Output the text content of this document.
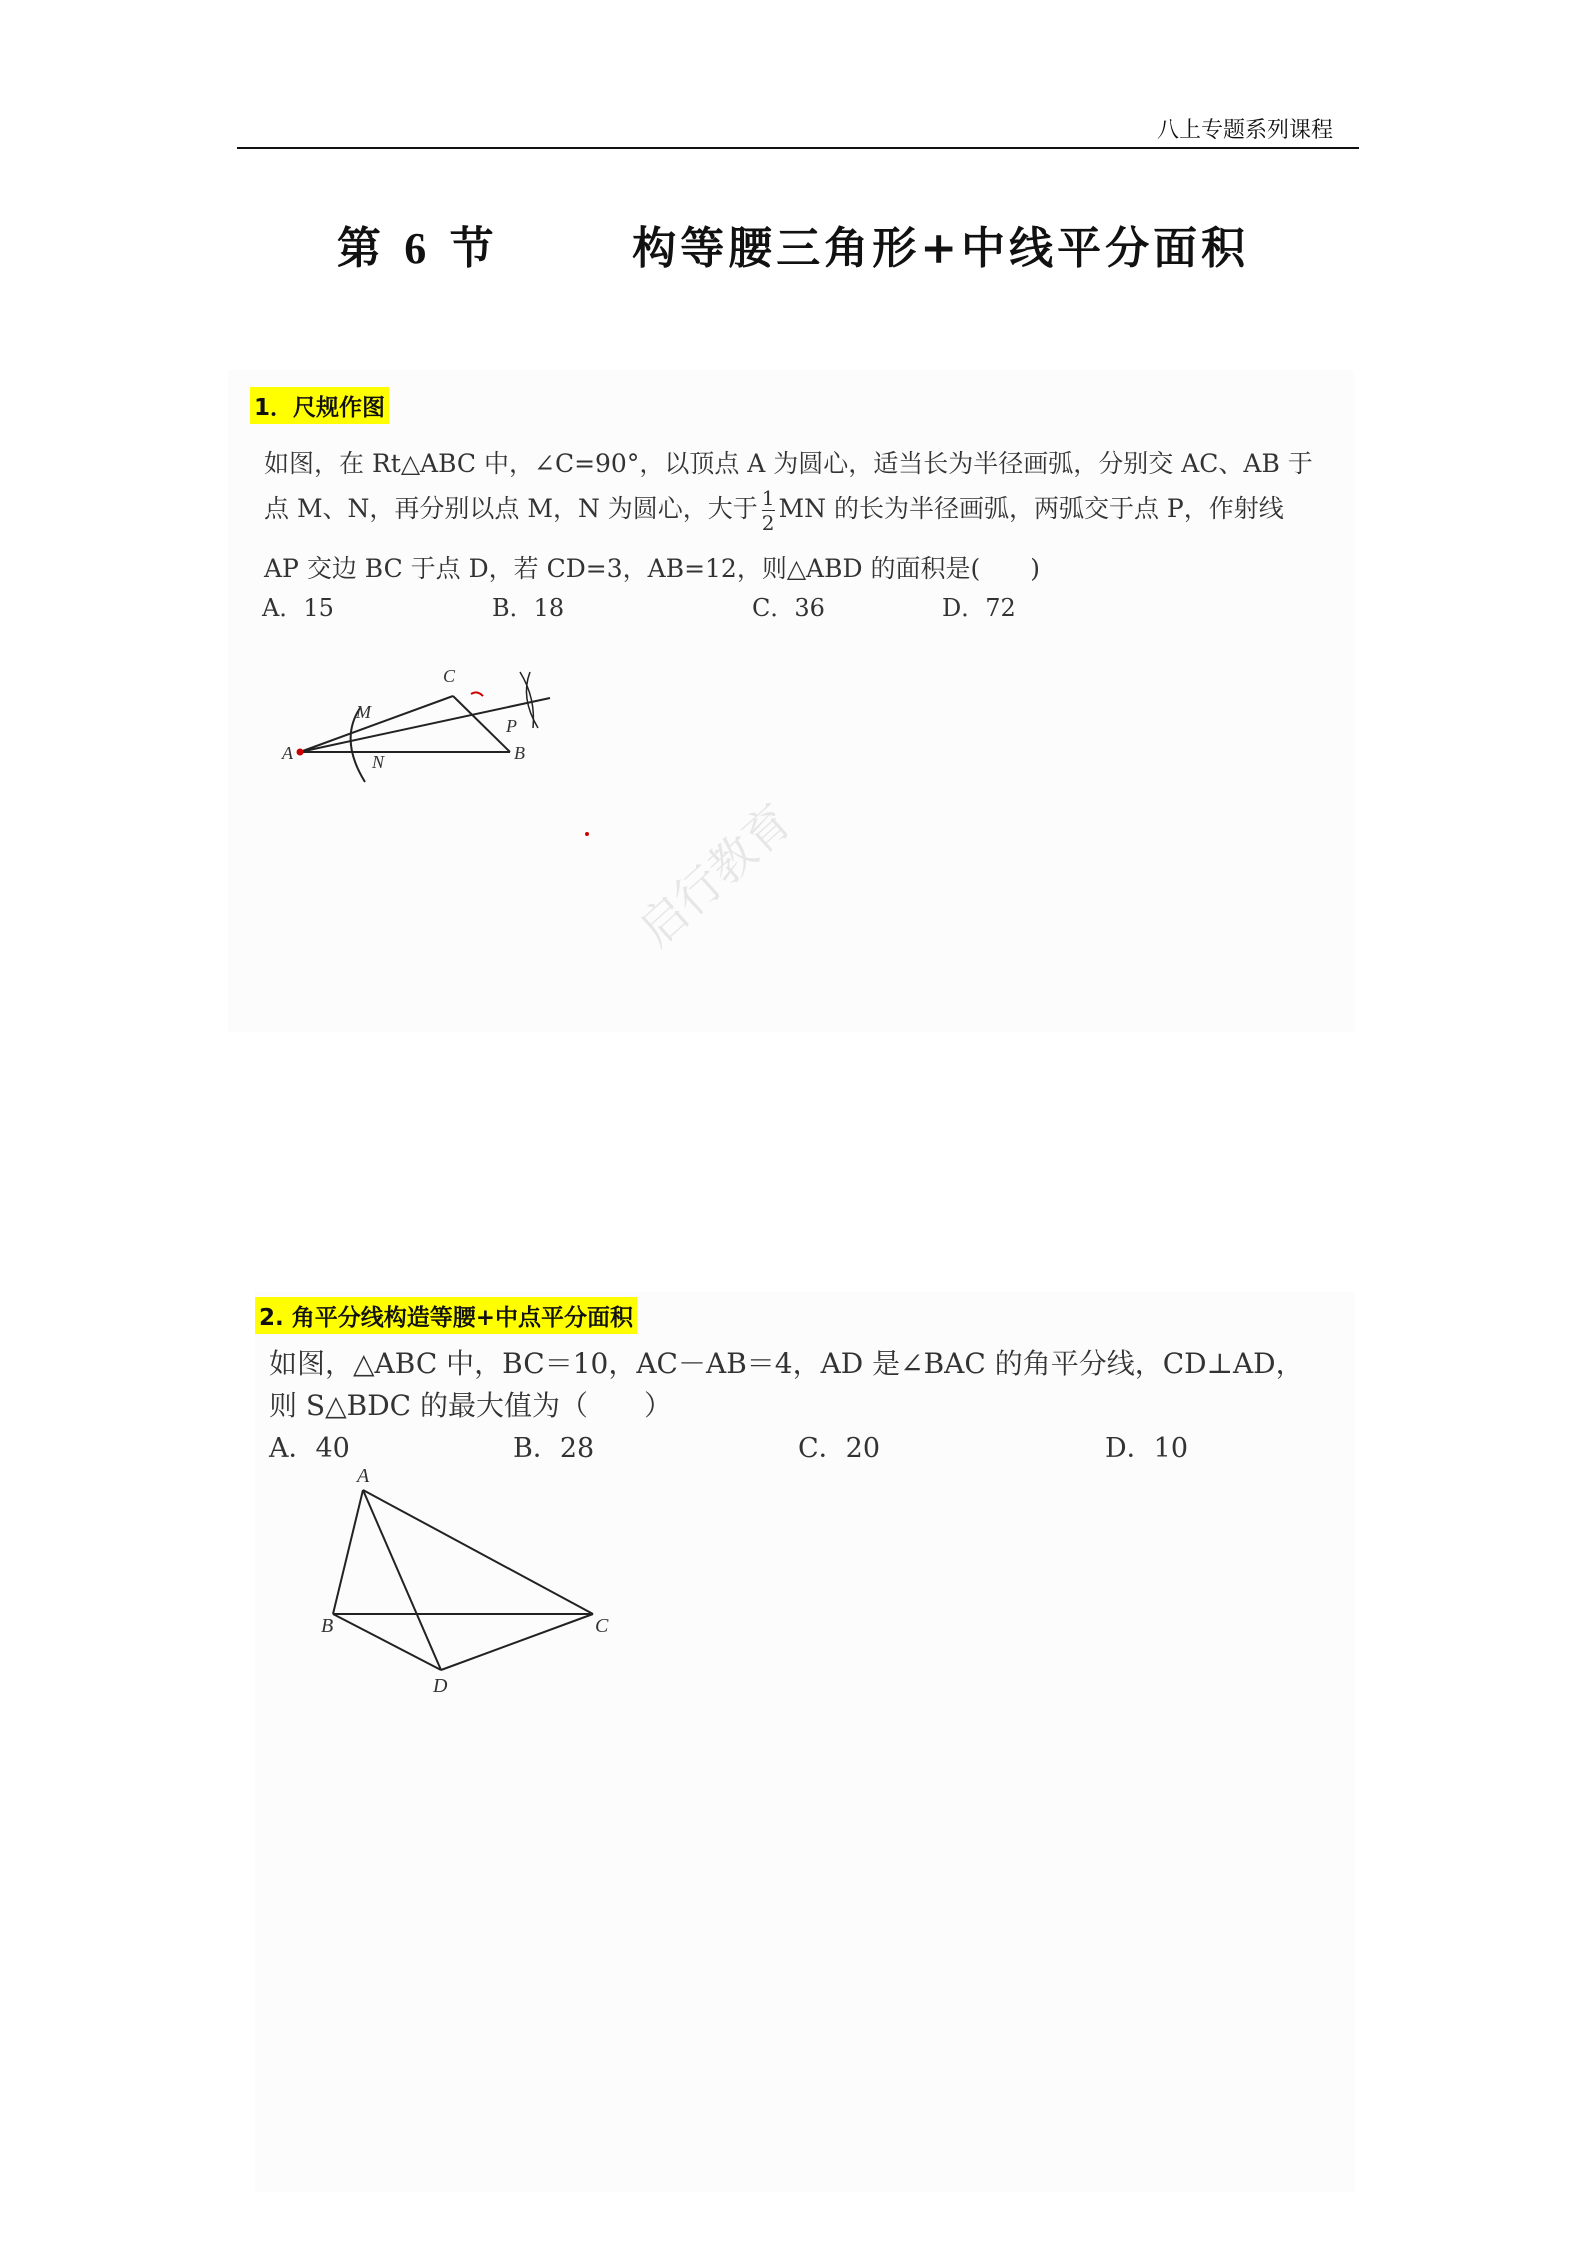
八上专题系列课程
第 6 节	构等腰三角形+中线平分面积
1．尺规作图
如图，在 Rt△ABC 中，∠C=90°，以顶点 A 为圆心，适当长为半径画弧，分别交 AC、AB 于
点 M、N，再分别以点 M，N 为圆心，大于 $\frac{1}{2}$ MN 的长为半径画弧，两弧交于点 P，作射线
AP 交边 BC 于点 D，若 CD=3，AB=12，则△ABD 的面积是(　　)
A．15	B．18	C．36	D．72
A	B
C
M
N
P
启行教育
2. 角平分线构造等腰+中点平分面积
如图，△ABC 中，BC＝10，AC－AB＝4，AD 是∠BAC 的角平分线，CD⊥AD，
则 S△BDC 的最大值为（　　）
A．40	B．28	C．20	D．10
A
B	C
D
